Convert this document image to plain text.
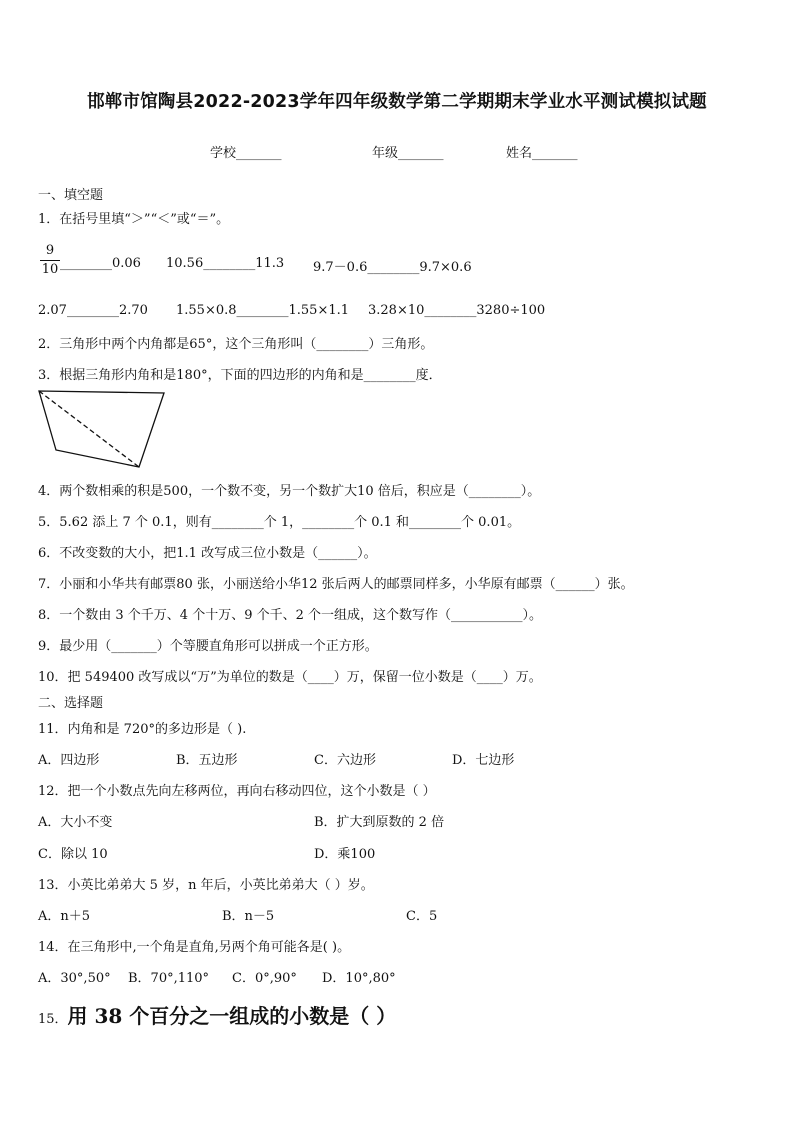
邯郸市馆陶县2022-2023学年四年级数学第二学期期末学业水平测试模拟试题
学校_______	年级_______	姓名_______
一、填空题
1．在括号里填“＞”“＜”或“＝”。
9
10 ________0.06 10.56________11.3 9.7－0.6________9.7×0.6
2.07________2.70 1.55×0.8________1.55×1.1 3.28×10________3280÷100
2．三角形中两个内角都是65°，这个三角形叫（________）三角形。
3．根据三角形内角和是180°，下面的四边形的内角和是________度．
4．两个数相乘的积是500，一个数不变，另一个数扩大10 倍后，积应是（________）。
5．5.62 添上 7 个 0.1，则有________个 1，________个 0.1 和________个 0.01。
6．不改变数的大小，把1.1 改写成三位小数是（______）。
7．小丽和小华共有邮票80 张，小丽送给小华12 张后两人的邮票同样多，小华原有邮票（______）张。
8．一个数由 3 个千万、4 个十万、9 个千、2 个一组成，这个数写作（___________）。
9．最少用（_______）个等腰直角形可以拼成一个正方形。
10．把 549400 改写成以“万”为单位的数是（____）万，保留一位小数是（____）万。
二、选择题
11．内角和是 720°的多边形是（ ).
A．四边形	B．五边形	C．六边形	D．七边形
12．把一个小数点先向左移两位，再向右移动四位，这个小数是（ ）
A．大小不变	B．扩大到原数的 2 倍
C．除以 10	D．乘100
13．小英比弟弟大 5 岁，n 年后，小英比弟弟大（ ）岁。
A．n＋5	B．n－5	C．5
14．在三角形中,一个角是直角,另两个角可能各是( )。
A．30°,50° B．70°,110° C．0°,90° D．10°,80°
15．用 38 个百分之一组成的小数是（ ）
